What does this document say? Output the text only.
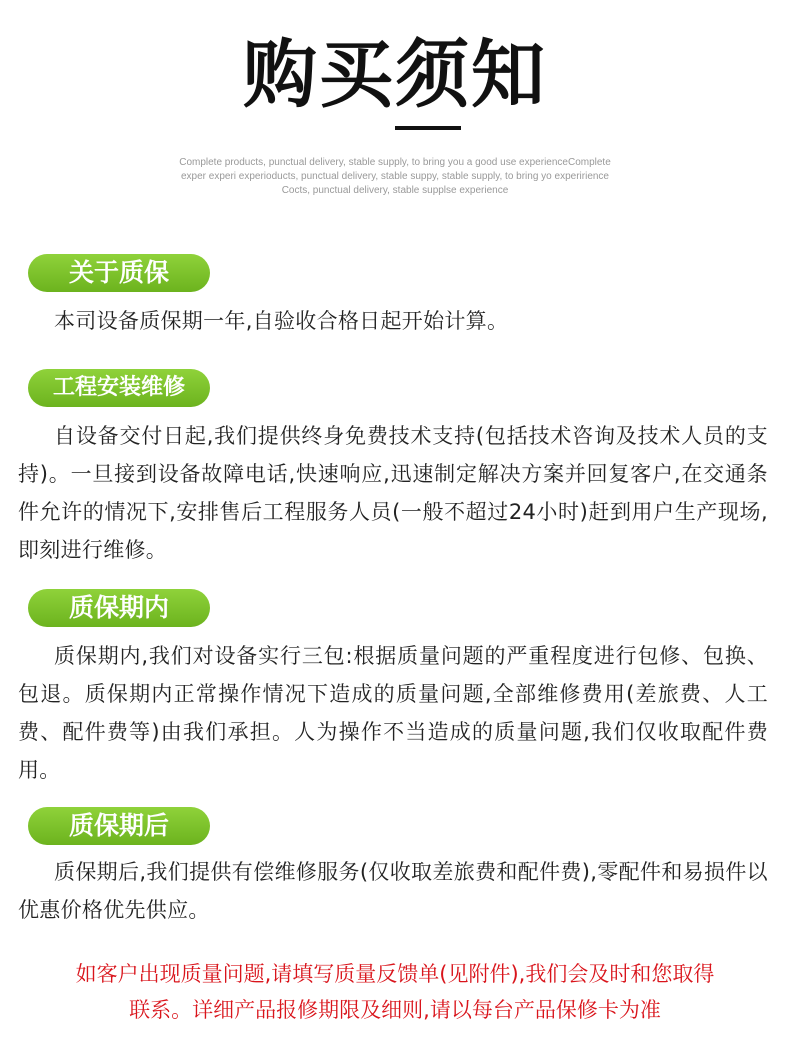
购买须知
Complete products, punctual delivery, stable supply, to bring you a good use experienceComplete
exper experi experioducts, punctual delivery, stable suppy, stable supply, to bring yo experirience
Cocts, punctual delivery, stable supplse experience
关于质保
本司设备质保期一年,自验收合格日起开始计算。
工程安装维修
自设备交付日起,我们提供终身免费技术支持(包括技术咨询及技术人员的支持)。一旦接到设备故障电话,快速响应,迅速制定解决方案并回复客户,在交通条件允许的情况下,安排售后工程服务人员(一般不超过24小时)赶到用户生产现场,即刻进行维修。
质保期内
质保期内,我们对设备实行三包:根据质量问题的严重程度进行包修、包换、包退。质保期内正常操作情况下造成的质量问题,全部维修费用(差旅费、人工费、配件费等)由我们承担。人为操作不当造成的质量问题,我们仅收取配件费用。
质保期后
质保期后,我们提供有偿维修服务(仅收取差旅费和配件费),零配件和易损件以优惠价格优先供应。
如客户出现质量问题,请填写质量反馈单(见附件),我们会及时和您取得
联系。详细产品报修期限及细则,请以每台产品保修卡为准
